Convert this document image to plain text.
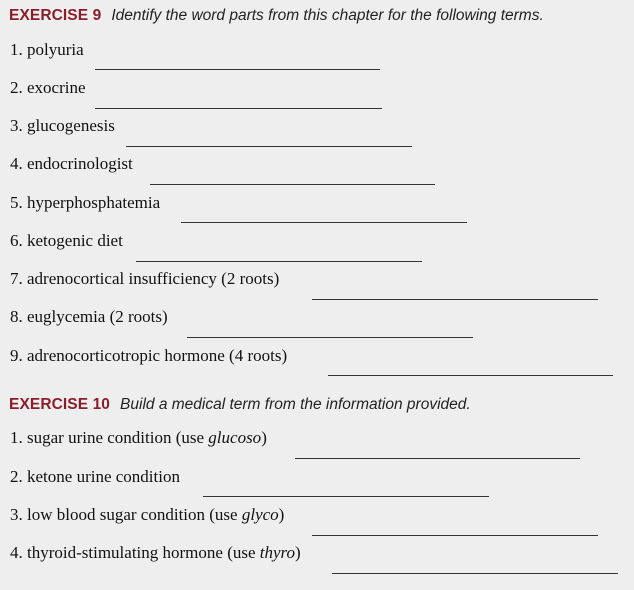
EXERCISE 9 Identify the word parts from this chapter for the following terms.
1. polyuria
2. exocrine
3. glucogenesis
4. endocrinologist
5. hyperphosphatemia
6. ketogenic diet
7. adrenocortical insufficiency (2 roots)
8. euglycemia (2 roots)
9. adrenocorticotropic hormone (4 roots)
EXERCISE 10 Build a medical term from the information provided.
1. sugar urine condition (use glucoso)
2. ketone urine condition
3. low blood sugar condition (use glyco)
4. thyroid-stimulating hormone (use thyro)
